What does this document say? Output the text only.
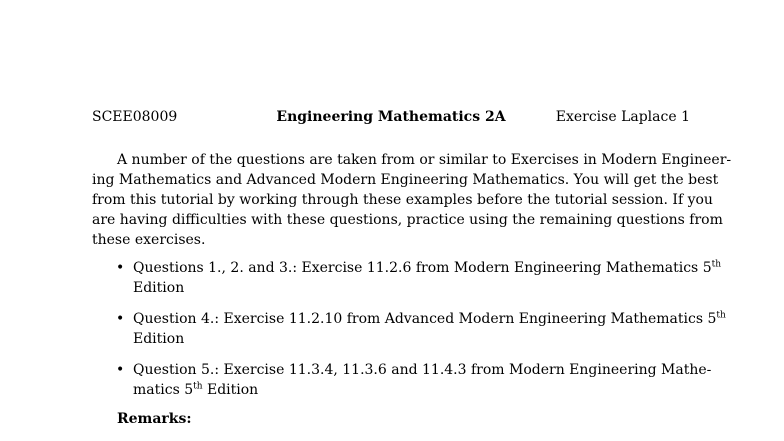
SCEE08009	Engineering Mathematics 2A	Exercise Laplace 1

A number of the questions are taken from or similar to Exercises in Modern Engineer-
ing Mathematics and Advanced Modern Engineering Mathematics. You will get the best
from this tutorial by working through these examples before the tutorial session. If you
are having difficulties with these questions, practice using the remaining questions from
these exercises.

• Questions 1., 2. and 3.: Exercise 11.2.6 from Modern Engineering Mathematics 5th
Edition
• Question 4.: Exercise 11.2.10 from Advanced Modern Engineering Mathematics 5th
Edition
• Question 5.: Exercise 11.3.4, 11.3.6 and 11.4.3 from Modern Engineering Mathe-
matics 5th Edition
Remarks:
